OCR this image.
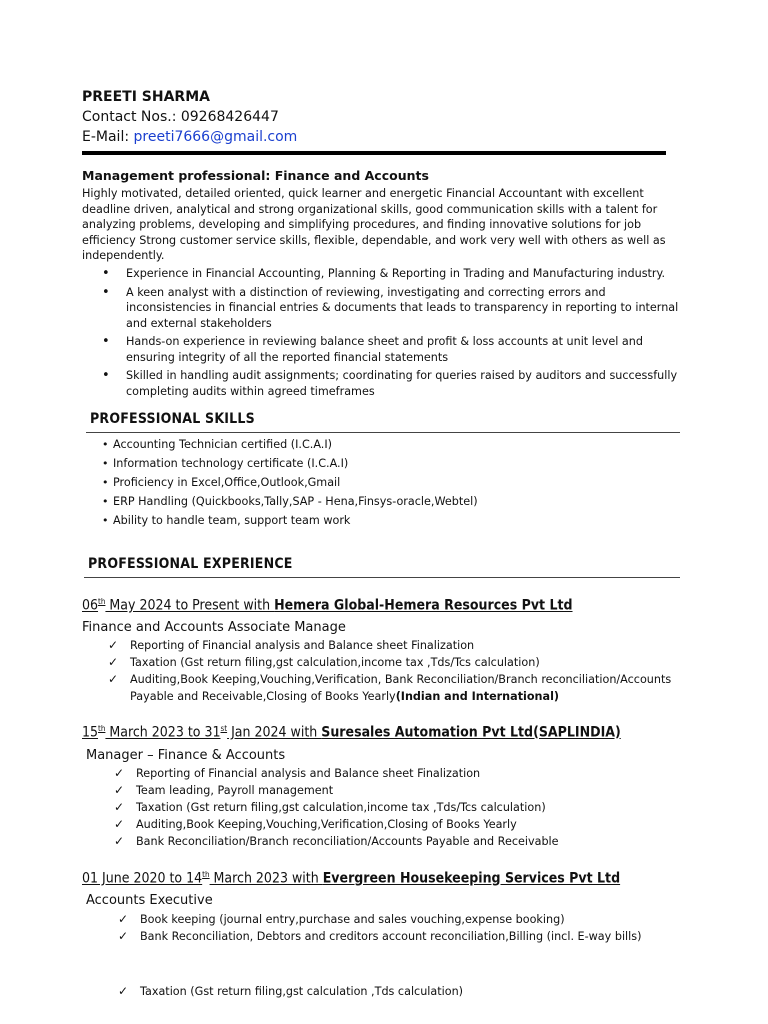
PREETI SHARMA
Contact Nos.: 09268426447
E-Mail: preeti7666@gmail.com
Management professional: Finance and Accounts
Highly motivated, detailed oriented, quick learner and energetic Financial Accountant with excellent deadline driven, analytical and strong organizational skills, good communication skills with a talent for analyzing problems, developing and simplifying procedures, and finding innovative solutions for job efficiency Strong customer service skills, flexible, dependable, and work very well with others as well as independently.
• Experience in Financial Accounting, Planning & Reporting in Trading and Manufacturing industry.
• A keen analyst with a distinction of reviewing, investigating and correcting errors and inconsistencies in financial entries & documents that leads to transparency in reporting to internal and external stakeholders
• Hands-on experience in reviewing balance sheet and profit & loss accounts at unit level and ensuring integrity of all the reported financial statements
• Skilled in handling audit assignments; coordinating for queries raised by auditors and successfully completing audits within agreed timeframes
PROFESSIONAL SKILLS
• Accounting Technician certified (I.C.A.I)
• Information technology certificate (I.C.A.I)
• Proficiency in Excel,Office,Outlook,Gmail
• ERP Handling (Quickbooks,Tally,SAP - Hena,Finsys-oracle,Webtel)
• Ability to handle team, support team work
PROFESSIONAL EXPERIENCE
06th May 2024 to Present with Hemera Global-Hemera Resources Pvt Ltd
Finance and Accounts Associate Manage
✓ Reporting of Financial analysis and Balance sheet Finalization
✓ Taxation (Gst return filing,gst calculation,income tax ,Tds/Tcs calculation)
✓ Auditing,Book Keeping,Vouching,Verification, Bank Reconciliation/Branch reconciliation/Accounts Payable and Receivable,Closing of Books Yearly(Indian and International)
15th March 2023 to 31st Jan 2024 with Suresales Automation Pvt Ltd(SAPLINDIA)
Manager – Finance & Accounts
✓ Reporting of Financial analysis and Balance sheet Finalization
✓ Team leading, Payroll management
✓ Taxation (Gst return filing,gst calculation,income tax ,Tds/Tcs calculation)
✓ Auditing,Book Keeping,Vouching,Verification,Closing of Books Yearly
✓ Bank Reconciliation/Branch reconciliation/Accounts Payable and Receivable
01 June 2020 to 14th March 2023 with Evergreen Housekeeping Services Pvt Ltd
Accounts Executive
✓ Book keeping (journal entry,purchase and sales vouching,expense booking)
✓ Bank Reconciliation, Debtors and creditors account reconciliation,Billing (incl. E-way bills)
✓ Taxation (Gst return filing,gst calculation ,Tds calculation)
